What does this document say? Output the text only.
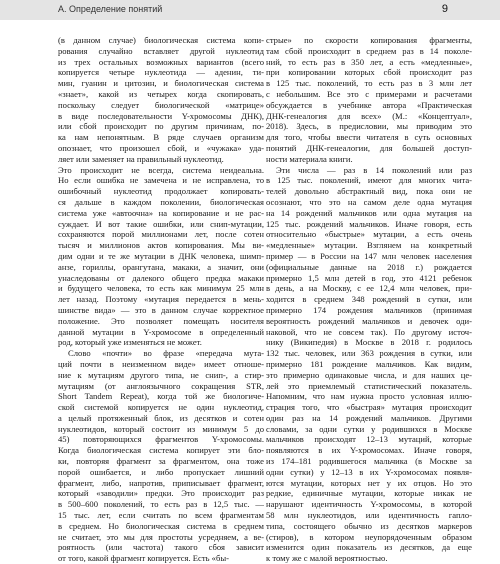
А. Определение понятий	9
(в данном случае) биологическая система копи-
рования случайно вставляет другой нуклеотид
из трех остальных возможных вариантов (всего
копируется четыре нуклеотида — аденин, ти-
мин, гуанин и цитозин, и биологическая система
«знает», какой из четырех когда скопировать,
поскольку следует биологической «матрице»
в виде последовательности Y-хромосомы ДНК),
или сбой происходит по другим причинам, по-
ка нам непонятным. В ряде случаев организм
опознает, что произошел сбой, и «чужака» уда-
ляет или заменяет на правильный нуклеотид.
Это происходит не всегда, система неидеальна.
Но если ошибка не замечена и не исправлена, то
ошибочный нуклеотид продолжает копировать-
ся дальше в каждом поколении, биологическая
система уже «автоочна» на копирование и не рас-
суждает. И вот такие ошибки, или снип-мутации,
сохраняются порой миллионами лет, после сотен
тысяч и миллионов актов копирования. Мы ви-
дим одни и те же мутации в ДНК человека, шимп-
анзе, гориллы, орангутана, макаки, а значит, они
унаследованы от далекого общего предка макаки
и будущего человека, то есть как минимум 25 млн
лет назад. Поэтому «мутация передается в мень-
шинстве вида» — это в данном случае корректное
положение. Это позволяет помещать носителя
данной мутации в Y-хромосоме в определенный
род, который уже изменяться не может.
Слово «почти» во фразе «передача мута-
ций почти в неизменном виде» имеет отноше-
ние к мутациям другого типа, не снип-, а стир-
мутациям (от англоязычного сокращения STR,
Short Tandem Repeat), когда той же биологиче-
ской системой копируется не один нуклеотид,
а целый протяженный блок, из десятков и сотен
нуклеотидов, который состоит из минимум 5 до
45) повторяющихся фрагментов Y-хромосомы.
Когда биологическая система копирует эти бло-
ки, повторяя фрагмент за фрагментом, она тоже
порой ошибается, и либо пропускает лишний
фрагмент, либо, напротив, приписывает фрагмент,
который «заводили» предки. Это происходит раз
в 500–600 поколений, то есть раз в 12,5 тыс. —
15 тыс. лет, если считать по всем фрагментам
в среднем. Но биологическая система в среднем
не считает, это мы для простоты усредняем, а ве-
роятность (или частота) такого сбоя зависит
от того, какой фрагмент копируется. Есть «бы-
стрые» по скорости копирования фрагменты,
там сбой происходит в среднем раз в 14 поколе-
ний, то есть раз в 350 лет, а есть «медленные»,
при копировании которых сбой происходит раз
в 125 тыс. поколений, то есть раз в 3 млн лет
с небольшим. Все это с примерами и расчетами
обсуждается в учебнике автора «Практическая
ДНК-генеалогия для всех» (М.: «Концептуал»,
2018). Здесь, в предисловии, мы приводим это
для того, чтобы ввести читателя в суть основных
понятий ДНК-генеалогии, для большей доступ-
ности материала книги.
Эти числа — раз в 14 поколений или раз
в 125 тыс. поколений, имеют для многих чита-
телей довольно абстрактный вид, пока они не
осознают, что это на самом деле одна мутация
на 14 рождений мальчиков или одна мутация на
125 тыс. рождений мальчиков. Иначе говоря, есть
относительно «быстрые» мутации, а есть очень
«медленные» мутации. Взглянем на конкретный
пример — в России на 147 млн человек населения
(официальные данные на 2018 г.) рождается
примерно 1,5 млн детей в год, это 4121 ребенок
в день, а на Москву, с ее 12,4 млн человек, при-
ходится в среднем 348 рождений в сутки, или
примерно 174 рождения мальчиков (принимая
вероятность рождений мальчиков и девочек оди-
наковой, что не совсем так). По другому источ-
нику (Википедия) в Москве в 2018 г. родилось
132 тыс. человек, или 363 рождения в сутки, или
примерно 181 рождение мальчиков. Как видим,
это примерно одинаковые числа, и для наших це-
лей это приемлемый статистический показатель.
Напомним, что нам нужна просто условная иллю-
страция того, что «быстрая» мутация происходит
один раз на 14 рождений мальчиков. Другими
словами, за одни сутки у родившихся в Москве
мальчиков происходят 12–13 мутаций, которые
появляются в их Y-хромосомах. Иначе говоря,
из 174–181 родившегося мальчика (в Москве за
одни сутки) у 12–13 в их Y-хромосомах появля-
ются мутации, которых нет у их отцов. Но это
редкие, единичные мутации, которые никак не
нарушают идентичность Y-хромосомы, в которой
58 млн нуклеотидов, или идентичность гапло-
типа, состоящего обычно из десятков маркеров
(стиров), в котором неупорядоченным образом
изменится один показатель из десятков, да еще
к тому же с малой вероятностью.
